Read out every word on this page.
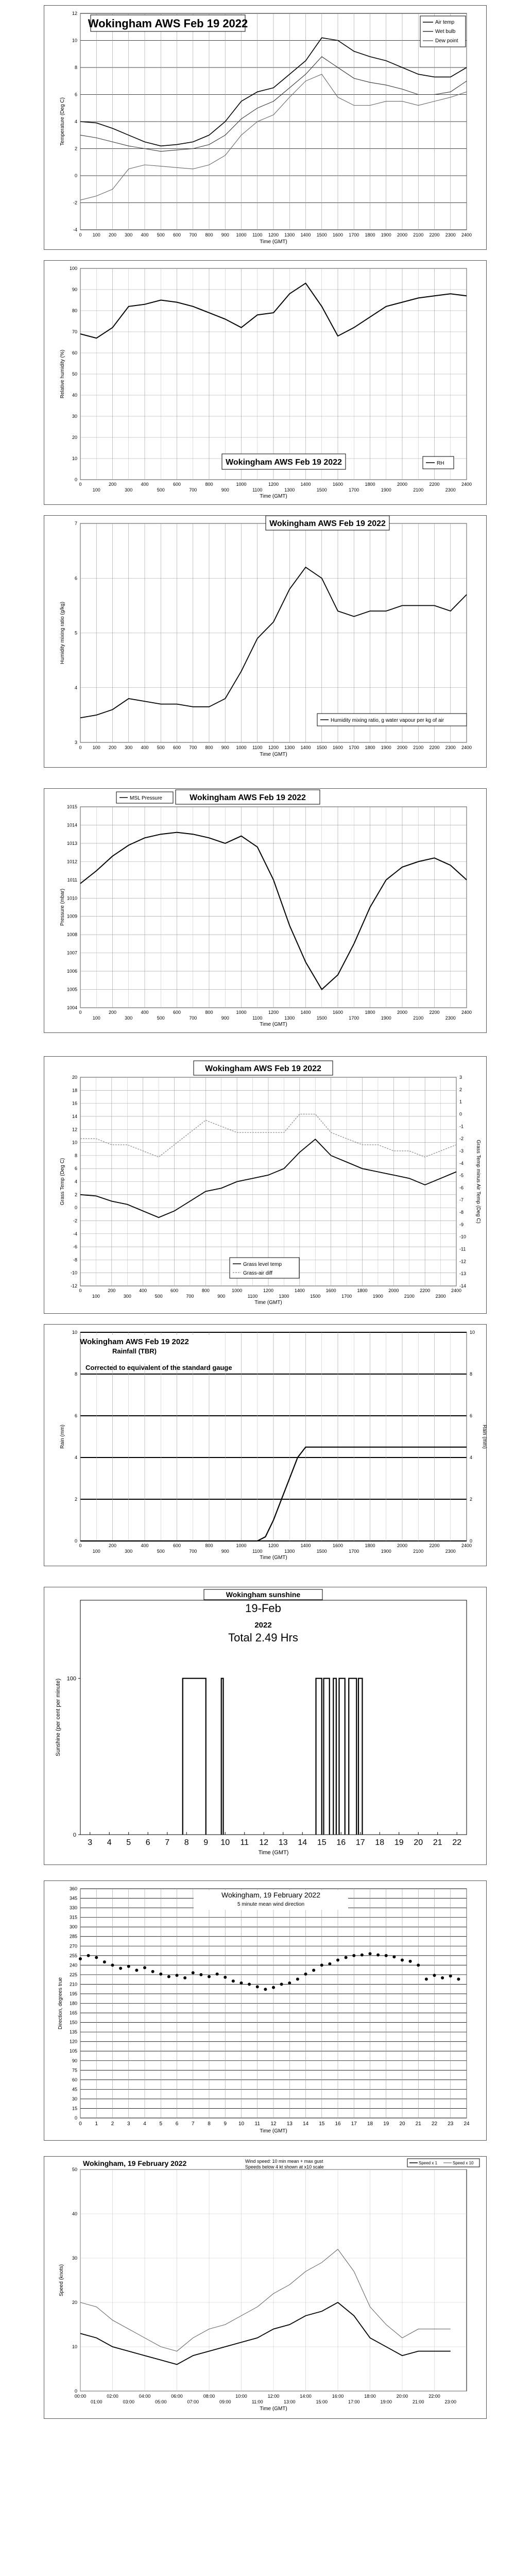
-4
-2
0
2
4
6
8
10
12
0 100 200 300 400 500 600 700 800 900 1000 1100 1200 1300 1400 1500 1600 1700 1800 1900 2000 2100 2200 2300 2400
Time (GMT)
Temperature (Deg C)
Wokingham AWS Feb 19 2022	Air temp
Wet bulb
Dew point
0
10
20
30
40
50
60
70
80
90
100
0	200	400	600	800	1000	1200	1400	1600	1800	2000	2200	2400
100	300	500	700	900	1100	1300	1500	1700	1900	2100	2300
Time (GMT)
Relative humidity (%)
Wokingham AWS Feb 19 2022	RH
3
4
5
6
7
0 100 200 300 400 500 600 700 800 900 1000 1100 1200 1300 1400 1500 1600 1700 1800 1900 2000 2100 2200 2300 2400
Time (GMT)
Humidity mixing ratio (g/kg)
Wokingham AWS Feb 19 2022
Humidity mixing ratio, g water vapour per kg of air
1004
1005
1006
1007
1008
1009
1010
1011
1012
1013
1014
1015
0	200	400	600	800	1000	1200	1400	1600	1800	2000	2200	2400
100	300	500	700	900	1100	1300	1500	1700	1900	2100	2300
Time (GMT)
Pressure (mbar)
Wokingham AWS Feb 19 2022
MSL Pressure
-12
-10
-8
-6
-4
-2
0
2
4
6
8
10
12
14
16
18
20
0	200	400	600	800	1000	1200	1400	1600	1800	2000	2200	2400
100	300	500	700	900	1100	1300	1500	1700	1900	2100	2300
Time (GMT)
Grass Temp (Deg C)
-14
-13
-12
-11
-10
-9
-8
-7
-6
-5
-4
-3
-2
-1
0
1
2
3
Grass Temp minus Air Temp (Deg C)
Wokingham AWS Feb 19 2022
Grass level temp
Grass-air diff
0
2
4
6
8
10
0	200	400	600	800	1000	1200	1400	1600	1800	2000	2200	2400
100	300	500	700	900	1100	1300	1500	1700	1900	2100	2300
Time (GMT)
Rain (mm)
0
2
4
6
8
10
Rain (mm)
Wokingham AWS Feb 19 2022
Rainfall (TBR)
Corrected to equivalent of the standard gauge
3 4 5 6 7 8 9 10 11 12 13 14 15 16 17 18 19 20 21 22
0
100
Time (GMT)
Sunshine (per cent per minute)
Wokingham sunshine
19-Feb
2022
Total 2.49 Hrs
0
15
30
45
60
75
90
105
120
135
150
165
180
195
210
225
240
255
270
285
300
315
330
345
360
0	1	2	3	4	5	6	7	8	9 10 11 12 13 14 15 16 17 18 19 20 21 22 23 24
Time (GMT)
Direction, degrees true
Wokingham, 19 February 2022
5 minute mean wind direction
0
10
20
30
40
50
00:00	02:00	04:00	06:00	08:00	10:00	12:00	14:00	16:00	18:00	20:00	22:00
01:00	03:00	05:00	07:00	09:00	11:00	13:00	15:00	17:00	19:00	21:00	23:00
Time (GMT)
Speed (knots)
Wokingham, 19 February 2022	Wind speed: 10 min mean + max gust
Speeds below 4 kt shown at x10 scale
Speed x 1	Speed x 10
